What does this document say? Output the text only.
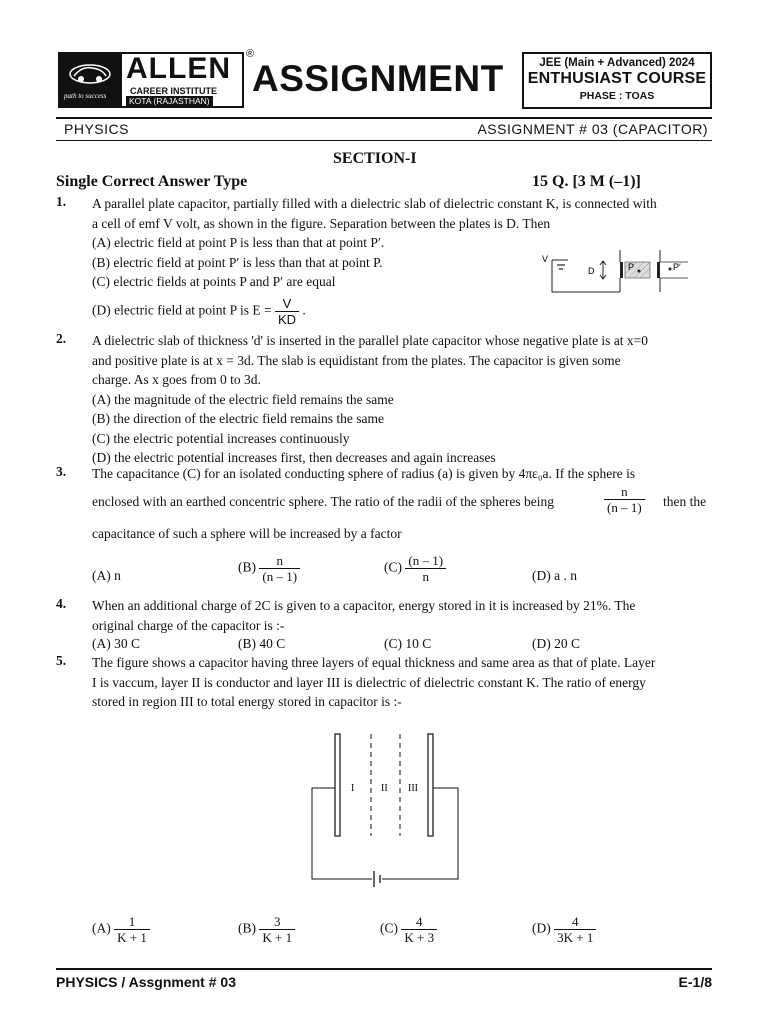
path to success
ALLEN
CAREER INSTITUTE
KOTA (RAJASTHAN)
®
ASSIGNMENT	JEE (Main + Advanced) 2024
ENTHUSIAST COURSE
PHASE : TOAS
PHYSICS	ASSIGNMENT # 03 (CAPACITOR)
SECTION-I
Single Correct Answer Type	15 Q. [3 M (–1)]
1. A parallel plate capacitor, partially filled with a dielectric slab of dielectric constant K, is connected with
a cell of emf V volt, as shown in the figure. Separation between the plates is D. Then
(A) electric field at point P is less than that at point P′.
(B) electric field at point P′ is less than that at point P.
(C) electric fields at points P and P′ are equal
(D) electric field at point P is $E = \frac{V}{KD}$ .
V
D	P	P′
2. A dielectric slab of thickness 'd' is inserted in the parallel plate capacitor whose negative plate is at x=0
and positive plate is at x = 3d. The slab is equidistant from the plates. The capacitor is given some
charge. As x goes from 0 to 3d.
(A) the magnitude of the electric field remains the same
(B) the direction of the electric field remains the same
(C) the electric potential increases continuously
(D) the electric potential increases first, then decreases and again increases
3. The capacitance (C) for an isolated conducting sphere of radius (a) is given by 4πε₀a. If the sphere is
enclosed with an earthed concentric sphere. The ratio of the radii of the spheres being	$\frac{n}{(n - 1)}$ then the
capacitance of such a sphere will be increased by a factor
(A) n
$(B) \frac{n}{(n - 1)}$	$(C) \frac{(n - 1)}{n}$	(D) a . n
4. When an additional charge of 2C is given to a capacitor, energy stored in it is increased by 21%. The
original charge of the capacitor is :-
(A) 30 C	(B) 40 C	(C) 10 C	(D) 20 C
5. The figure shows a capacitor having three layers of equal thickness and same area as that of plate. Layer
I is vaccum, layer II is conductor and layer III is dielectric of dielectric constant K. The ratio of energy
stored in region III to total energy stored in capacitor is :-
I	II III
$(A) \frac{1}{K + 1}$	$(B) \frac{3}{K + 1}$	$(C) \frac{4}{K + 3}$	$(D) \frac{4}{3K + 1}$
PHYSICS / Assgnment # 03	E-1/8
